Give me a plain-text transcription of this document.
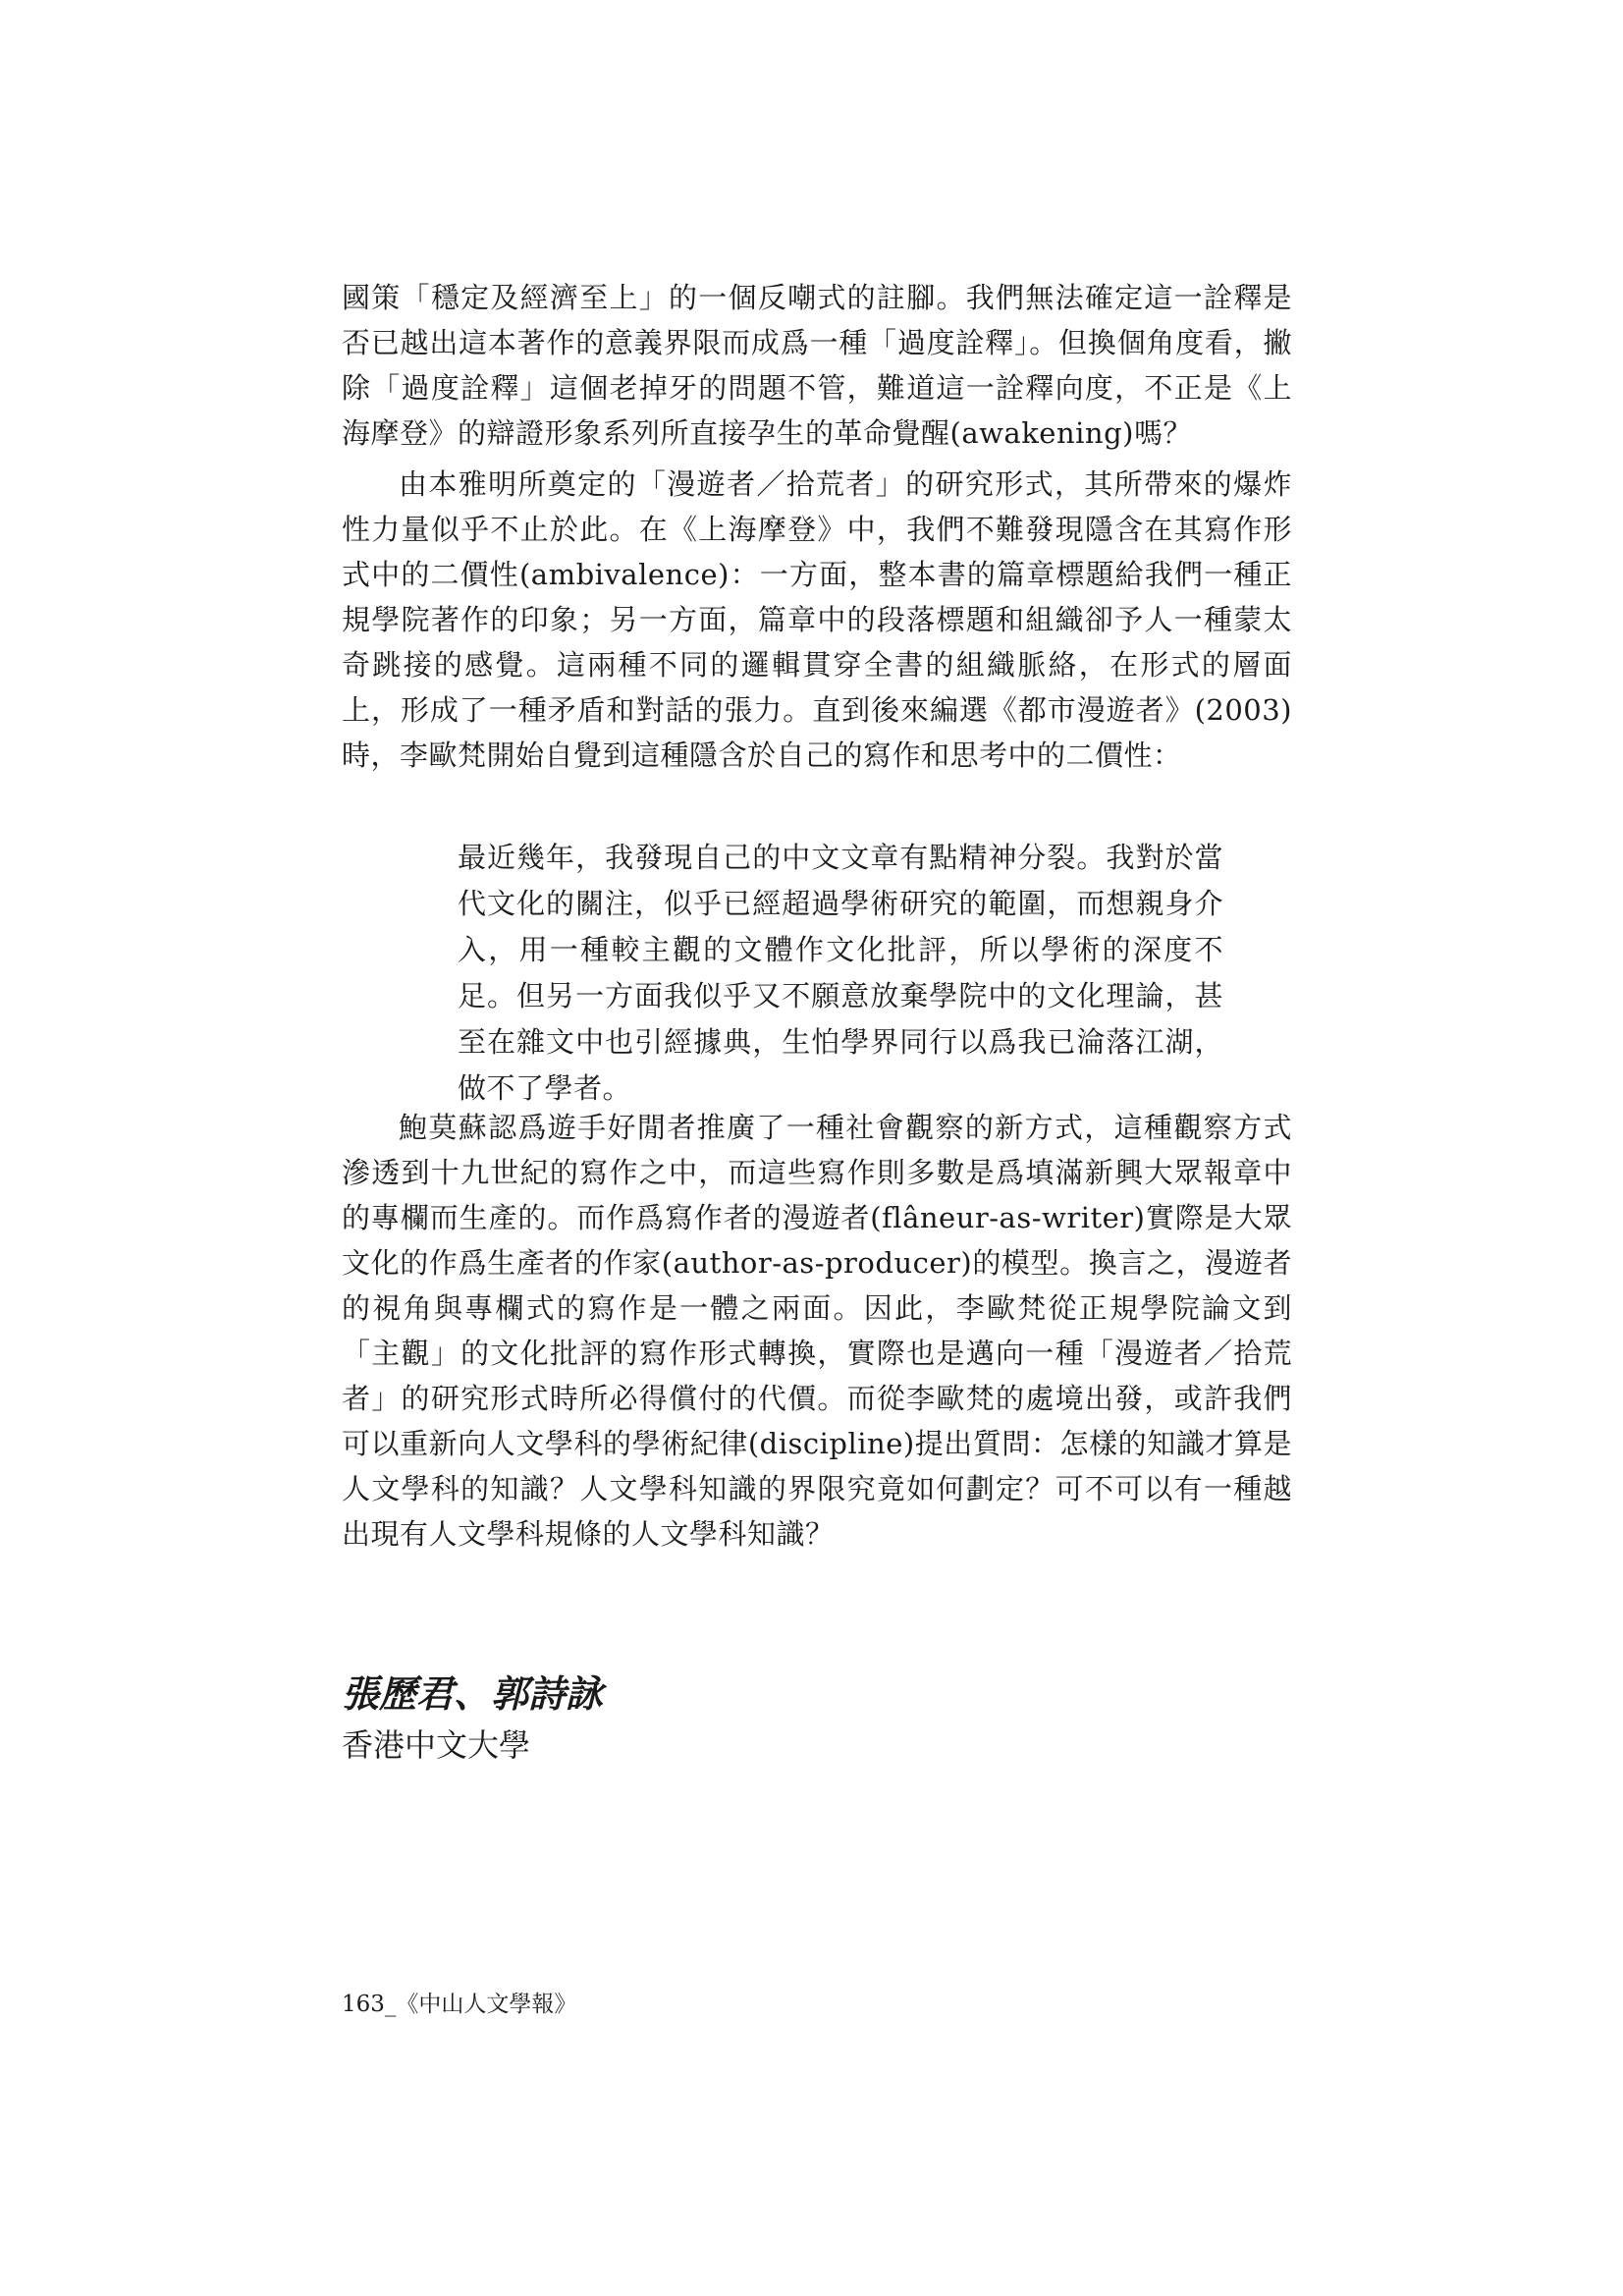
國策「穩定及經濟至上」的一個反嘲式的註腳。我們無法確定這一詮釋是否已越出這本著作的意義界限而成爲一種「過度詮釋」。但換個角度看，撇除「過度詮釋」這個老掉牙的問題不管，難道這一詮釋向度，不正是《上海摩登》的辯證形象系列所直接孕生的革命覺醒(awakening)嗎？

由本雅明所奠定的「漫遊者／拾荒者」的研究形式，其所帶來的爆炸性力量似乎不止於此。在《上海摩登》中，我們不難發現隱含在其寫作形式中的二價性(ambivalence)：一方面，整本書的篇章標題給我們一種正規學院著作的印象；另一方面，篇章中的段落標題和組織卻予人一種蒙太奇跳接的感覺。這兩種不同的邏輯貫穿全書的組織脈絡，在形式的層面上，形成了一種矛盾和對話的張力。直到後來編選《都市漫遊者》(2003)時，李歐梵開始自覺到這種隱含於自己的寫作和思考中的二價性：

最近幾年，我發現自己的中文文章有點精神分裂。我對於當代文化的關注，似乎已經超過學術研究的範圍，而想親身介入，用一種較主觀的文體作文化批評，所以學術的深度不足。但另一方面我似乎又不願意放棄學院中的文化理論，甚至在雜文中也引經據典，生怕學界同行以爲我已淪落江湖，做不了學者。

鮑莫蘇認爲遊手好閒者推廣了一種社會觀察的新方式，這種觀察方式滲透到十九世紀的寫作之中，而這些寫作則多數是爲填滿新興大眾報章中的專欄而生產的。而作爲寫作者的漫遊者(flâneur-as-writer)實際是大眾文化的作爲生產者的作家(author-as-producer)的模型。換言之，漫遊者的視角與專欄式的寫作是一體之兩面。因此，李歐梵從正規學院論文到「主觀」的文化批評的寫作形式轉換，實際也是邁向一種「漫遊者／拾荒者」的研究形式時所必得償付的代價。而從李歐梵的處境出發，或許我們可以重新向人文學科的學術紀律(discipline)提出質問：怎樣的知識才算是人文學科的知識？人文學科知識的界限究竟如何劃定？可不可以有一種越出現有人文學科規條的人文學科知識？

張歷君、郭詩詠

香港中文大學

163_《中山人文學報》
